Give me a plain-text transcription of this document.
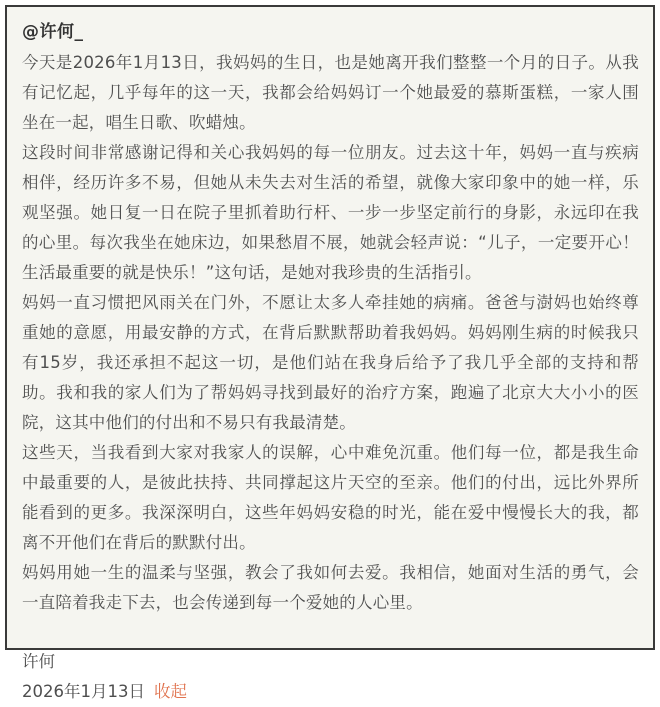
@许何_

今天是2026年1月13日，我妈妈的生日，也是她离开我们整整一个月的日子。从我有记忆起，几乎每年的这一天，我都会给妈妈订一个她最爱的慕斯蛋糕，一家人围坐在一起，唱生日歌、吹蜡烛。

这段时间非常感谢记得和关心我妈妈的每一位朋友。过去这十年，妈妈一直与疾病相伴，经历许多不易，但她从未失去对生活的希望，就像大家印象中的她一样，乐观坚强。她日复一日在院子里抓着助行杆、一步一步坚定前行的身影，永远印在我的心里。每次我坐在她床边，如果愁眉不展，她就会轻声说：“儿子，一定要开心！生活最重要的就是快乐！”这句话，是她对我珍贵的生活指引。

妈妈一直习惯把风雨关在门外，不愿让太多人牵挂她的病痛。爸爸与澍妈也始终尊重她的意愿，用最安静的方式，在背后默默帮助着我妈妈。妈妈刚生病的时候我只有15岁，我还承担不起这一切，是他们站在我身后给予了我几乎全部的支持和帮助。我和我的家人们为了帮妈妈寻找到最好的治疗方案，跑遍了北京大大小小的医院，这其中他们的付出和不易只有我最清楚。

这些天，当我看到大家对我家人的误解，心中难免沉重。他们每一位，都是我生命中最重要的人，是彼此扶持、共同撑起这片天空的至亲。他们的付出，远比外界所能看到的更多。我深深明白，这些年妈妈安稳的时光，能在爱中慢慢长大的我，都离不开他们在背后的默默付出。

妈妈用她一生的温柔与坚强，教会了我如何去爱。我相信，她面对生活的勇气，会一直陪着我走下去，也会传递到每一个爱她的人心里。

许何
2026年1月13日 收起
